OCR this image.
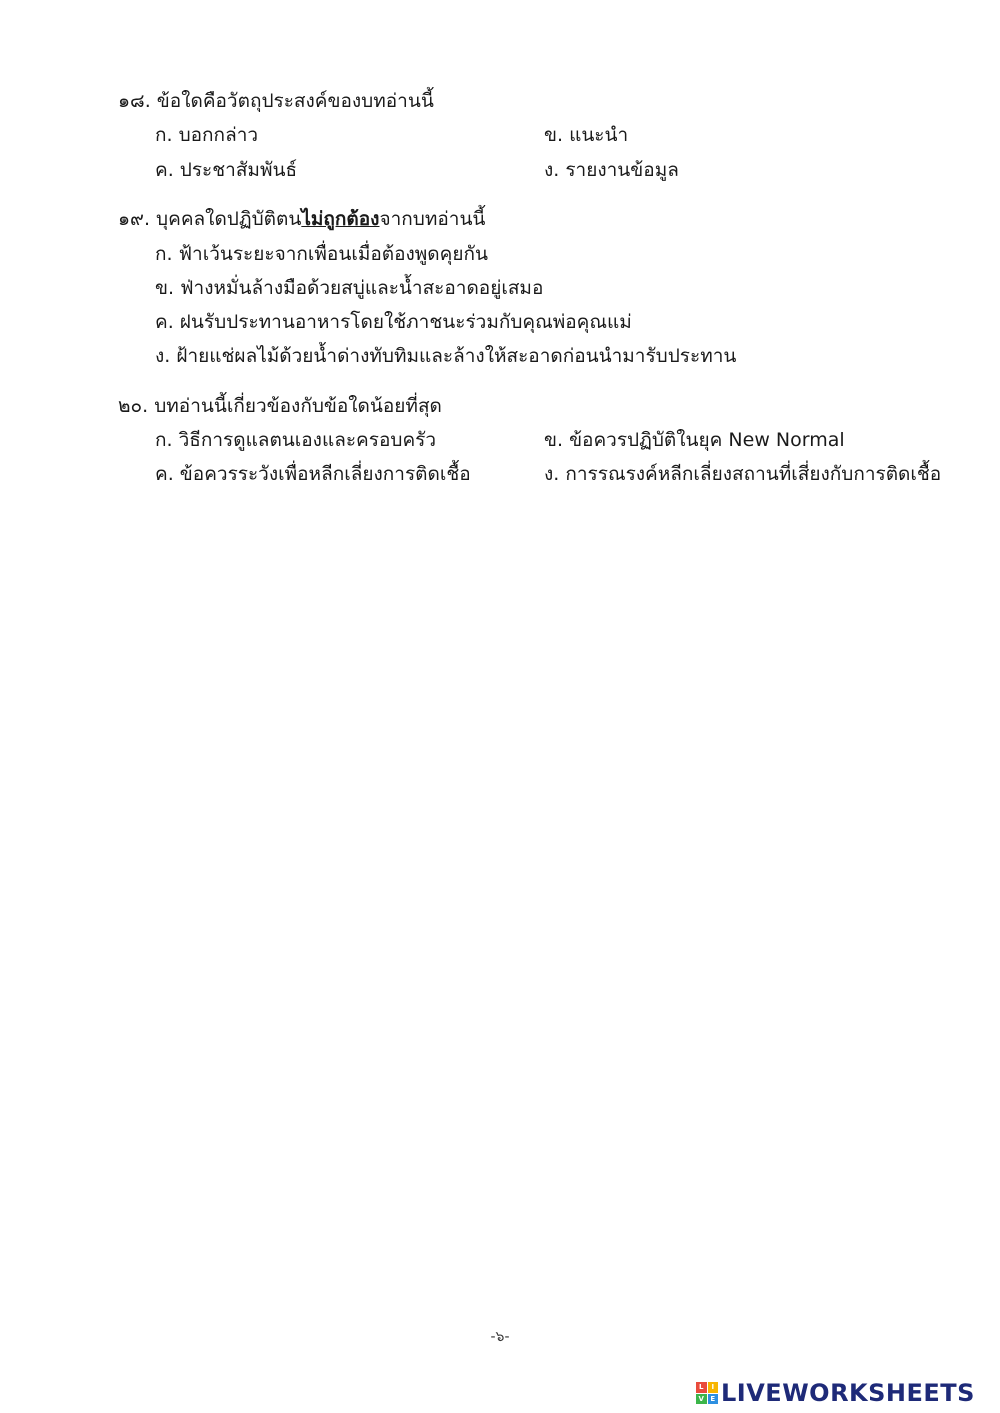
๑๘. ข้อใดคือวัตถุประสงค์ของบทอ่านนี้
ก. บอกกล่าว	ข. แนะนำ
ค. ประชาสัมพันธ์	ง. รายงานข้อมูล
๑๙. บุคคลใดปฏิบัติตนไม่ถูกต้องจากบทอ่านนี้
ก. ฟ้าเว้นระยะจากเพื่อนเมื่อต้องพูดคุยกัน
ข. ฟ่างหมั่นล้างมือด้วยสบู่และน้ำสะอาดอยู่เสมอ
ค. ฝนรับประทานอาหารโดยใช้ภาชนะร่วมกับคุณพ่อคุณแม่
ง. ฝ้ายแช่ผลไม้ด้วยน้ำด่างทับทิมและล้างให้สะอาดก่อนนำมารับประทาน
๒๐. บทอ่านนี้เกี่ยวข้องกับข้อใดน้อยที่สุด
ก. วิธีการดูแลตนเองและครอบครัว	ข. ข้อควรปฏิบัติในยุค New Normal
ค. ข้อควรระวังเพื่อหลีกเลี่ยงการติดเชื้อ	ง. การรณรงค์หลีกเลี่ยงสถานที่เสี่ยงกับการติดเชื้อ
-๖-
L	I
V E LIVEWORKSHEETS
